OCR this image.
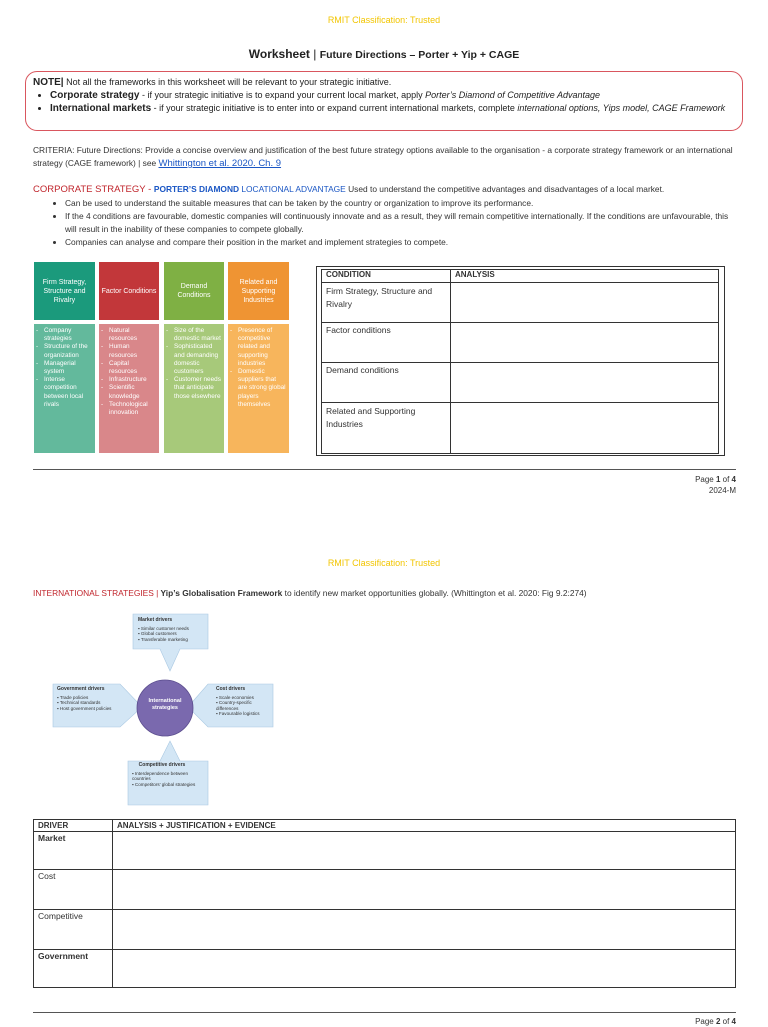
RMIT Classification: Trusted
Worksheet | Future Directions – Porter + Yip + CAGE
NOTE| Not all the frameworks in this worksheet will be relevant to your strategic initiative.
• Corporate strategy - if your strategic initiative is to expand your current local market, apply Porter’s Diamond of Competitive Advantage
• International markets - if your strategic initiative is to enter into or expand current international markets, complete international options, Yips model, CAGE Framework
CRITERIA: Future Directions: Provide a concise overview and justification of the best future strategy options available to the organisation - a corporate strategy framework or an international strategy (CAGE framework) | see Whittington et al. 2020. Ch. 9
CORPORATE STRATEGY - PORTER’S DIAMOND LOCATIONAL ADVANTAGE Used to understand the competitive advantages and disadvantages of a local market.
• Can be used to understand the suitable measures that can be taken by the country or organization to improve its performance.
• If the 4 conditions are favourable, domestic companies will continuously innovate and as a result, they will remain competitive internationally. If the conditions are unfavourable, this will result in the inability of these companies to compete globally.
• Companies can analyse and compare their position in the market and implement strategies to compete.
Firm Strategy, Structure and Rivalry
Factor Conditions
Demand Conditions
Related and Supporting Industries
- Company strategies
- Structure of the organization
- Managerial system
- Intense competition between local rivals
- Natural resources
- Human resources
- Capital resources
- Infrastructure
- Scientific knowledge
- Technological innovation
- Size of the domestic market
- Sophisticated and demanding domestic customers
- Customer needs that anticipate those elsewhere
- Presence of competitive related and supporting industries
- Domestic suppliers that are strong global players themselves
CONDITION	ANALYSIS
Firm Strategy, Structure and Rivalry	
Factor conditions	
Demand conditions	
Related and Supporting Industries	
Page 1 of 4
2024-M
RMIT Classification: Trusted
INTERNATIONAL STRATEGIES | Yip’s Globalisation Framework to identify new market opportunities globally. (Whittington et al. 2020: Fig 9.2:274)
Market drivers
▪ Similar customer needs
▪ Global customers
▪ Transferable marketing
Cost drivers
▪ Scale economies
▪ Country-specific differences
▪ Favourable logistics
Government drivers
▪ Trade policies
▪ Technical standards
▪ Host government policies
International strategies
Competitive drivers
▪ Interdependence between countries
▪ Competitors’ global strategies
DRIVER	ANALYSIS + JUSTIFICATION + EVIDENCE
Market	
Cost	
Competitive	
Government	
Page 2 of 4
